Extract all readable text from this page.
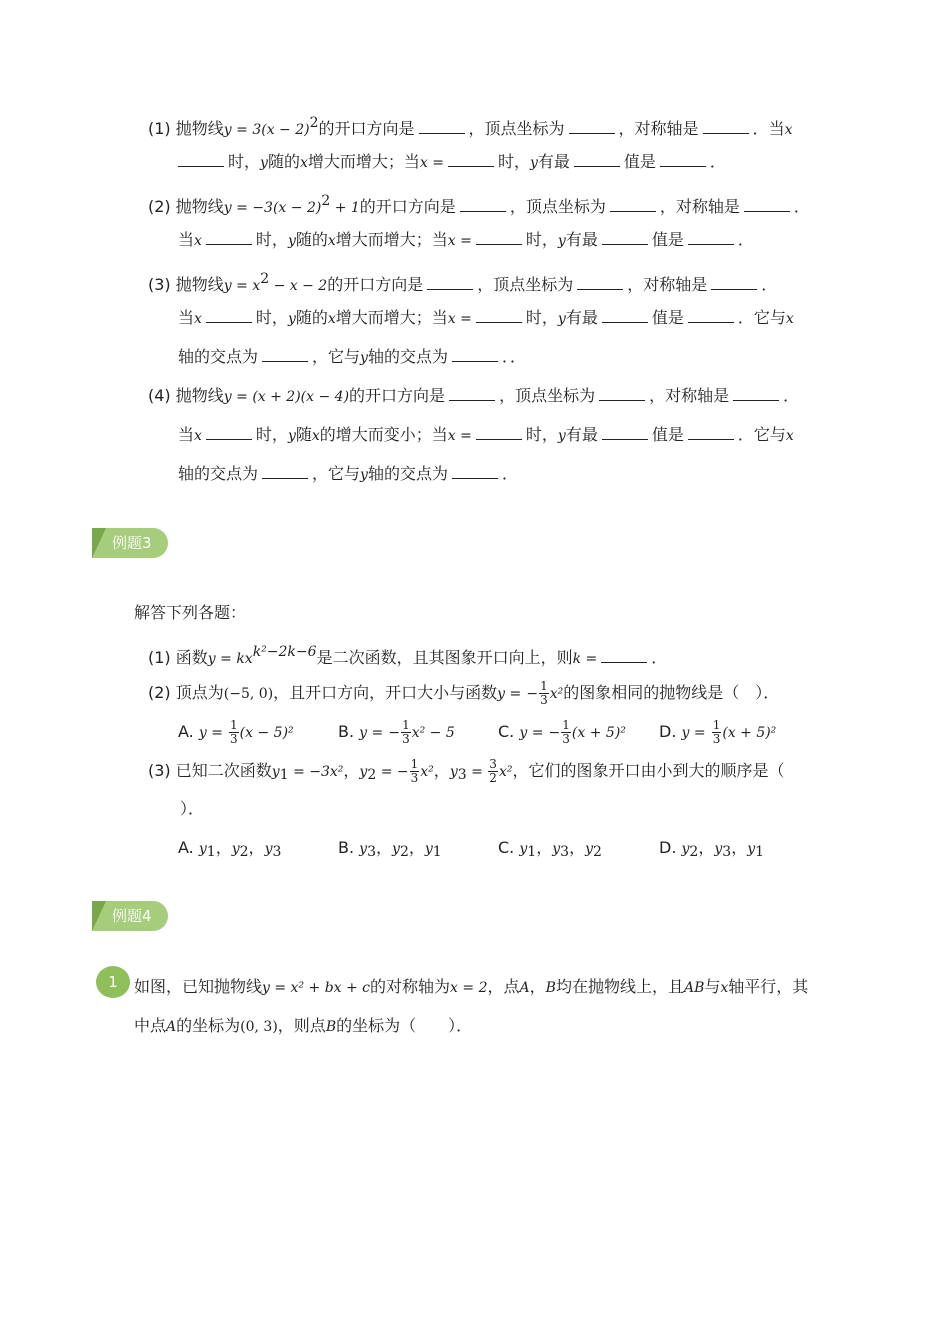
(1) 抛物线$y = 3(x - 2)^2$的开口方向是	，顶点坐标为	，对称轴是	．当x
时，y随的x增大而增大；当x =	时，y有最	值是	．
(2) 抛物线$y = -3(x - 2)^2 + 1$的开口方向是	，顶点坐标为	，对称轴是	．
当x	时，y随的x增大而增大；当x =	时，y有最	值是	．
(3) 抛物线$y = x^2 - x - 2$的开口方向是	，顶点坐标为	，对称轴是	．
当x	时，y随的x增大而增大；当x =	时，y有最	值是	．它与x
轴的交点为	，它与y轴的交点为	．．
(4) 抛物线y = (x + 2)(x − 4)的开口方向是	，顶点坐标为	，对称轴是	．
当x	时，y随x的增大而变小；当x =	时，y有最	值是	．它与x
轴的交点为	，它与y轴的交点为	．
例题3
解答下列各题：
(1) 函数$y = kx^{k^2-2k-6}$是二次函数，且其图象开口向上，则k =	．
(2) 顶点为(−5, 0)，且开口方向，开口大小与函数y = − $\frac{1}{3} x^2$的图象相同的抛物线是（　）．
A. $y = \frac{1}{3} (x - 5)^2$	B. y = − $\frac{1}{3} x^2 - 5$	C. y = − $\frac{1}{3} (x + 5)^2$ D. $y = \frac{1}{3} (x + 5)^2$
(3) 已知二次函数$y_1 = -3x^2$，$y_2$ = − $\frac{1}{3} x^2$，$y_3 = \frac{3}{2} x^2$，它们的图象开口由小到大的顺序是（
）．
A. $y_1$，$y_2$，$y_3$	B. $y_3$，$y_2$，$y_1$	C. $y_1$，$y_3$，$y_2$	D. $y_2$，$y_3$，$y_1$
例题4
1	如图，已知抛物线y = x² + bx + c的对称轴为x = 2，点A，B均在抛物线上，且AB与x轴平行，其
中点A的坐标为(0, 3)，则点B的坐标为（　　）．
